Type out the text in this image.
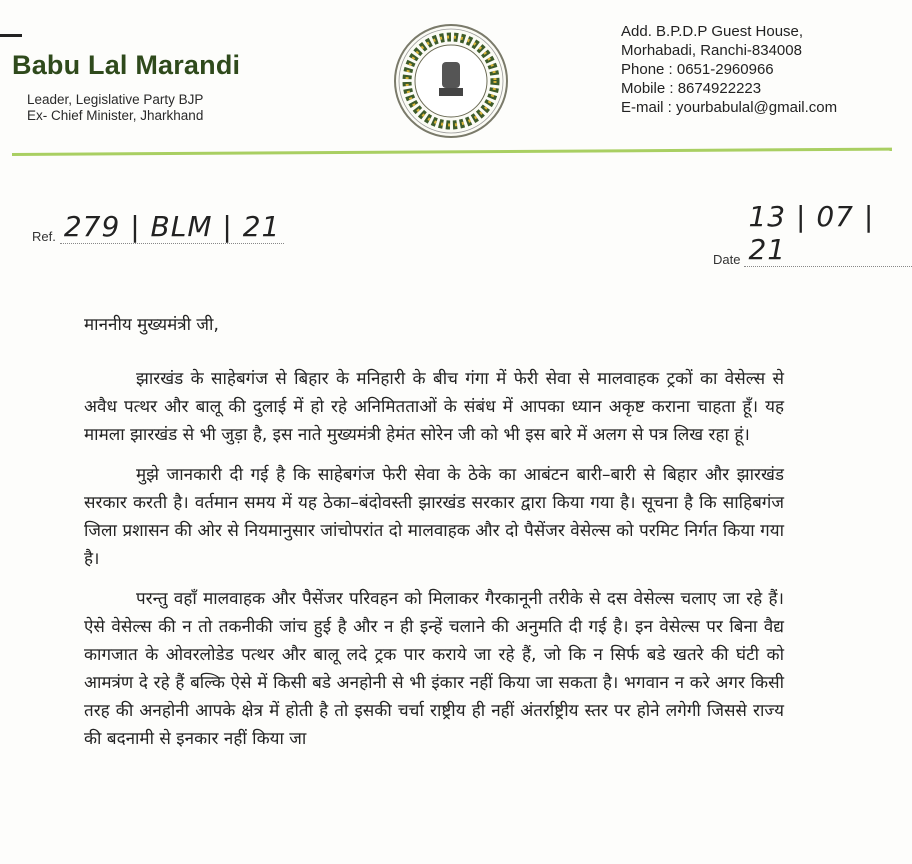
Babu Lal Marandi
Leader, Legislative Party BJP
Ex- Chief Minister, Jharkhand
Add. B.P.D.P Guest House,
Morhabadi, Ranchi-834008
Phone : 0651-2960966
Mobile : 8674922223
E-mail : yourbabulal@gmail.com
Ref. 279 | BLM | 21
Date
13 | 07 | 21

माननीय मुख्यमंत्री जी,

झारखंड के साहेबगंज से बिहार के मनिहारी के बीच गंगा में फेरी सेवा से मालवाहक ट्रकों का वेसेल्स से अवैध पत्थर और बालू की दुलाई में हो रहे अनिमितताओं के संबंध में आपका ध्यान अकृष्ट कराना चाहता हूँ। यह मामला झारखंड से भी जुड़ा है, इस नाते मुख्यमंत्री हेमंत सोरेन जी को भी इस बारे में अलग से पत्र लिख रहा हूं।

मुझे जानकारी दी गई है कि साहेबगंज फेरी सेवा के ठेके का आबंटन बारी–बारी से बिहार और झारखंड सरकार करती है। वर्तमान समय में यह ठेका–बंदोवस्ती झारखंड सरकार द्वारा किया गया है। सूचना है कि साहिबगंज जिला प्रशासन की ओर से नियमानुसार जांचोपरांत दो मालवाहक और दो पैसेंजर वेसेल्स को परमिट निर्गत किया गया है।

परन्तु वहाँ मालवाहक और पैसेंजर परिवहन को मिलाकर गैरकानूनी तरीके से दस वेसेल्स चलाए जा रहे हैं। ऐसे वेसेल्स की न तो तकनीकी जांच हुई है और न ही इन्हें चलाने की अनुमति दी गई है। इन वेसेल्स पर बिना वैद्य कागजात के ओवरलोडेड पत्थर और बालू लदे ट्रक पार कराये जा रहे हैं, जो कि न सिर्फ बडे खतरे की घंटी को आमत्रंण दे रहे हैं बल्कि ऐसे में किसी बडे अनहोनी से भी इंकार नहीं किया जा सकता है। भगवान न करे अगर किसी तरह की अनहोनी आपके क्षेत्र में होती है तो इसकी चर्चा राष्ट्रीय ही नहीं अंतर्राष्ट्रीय स्तर पर होने लगेगी जिससे राज्य की बदनामी से इनकार नहीं किया जा
